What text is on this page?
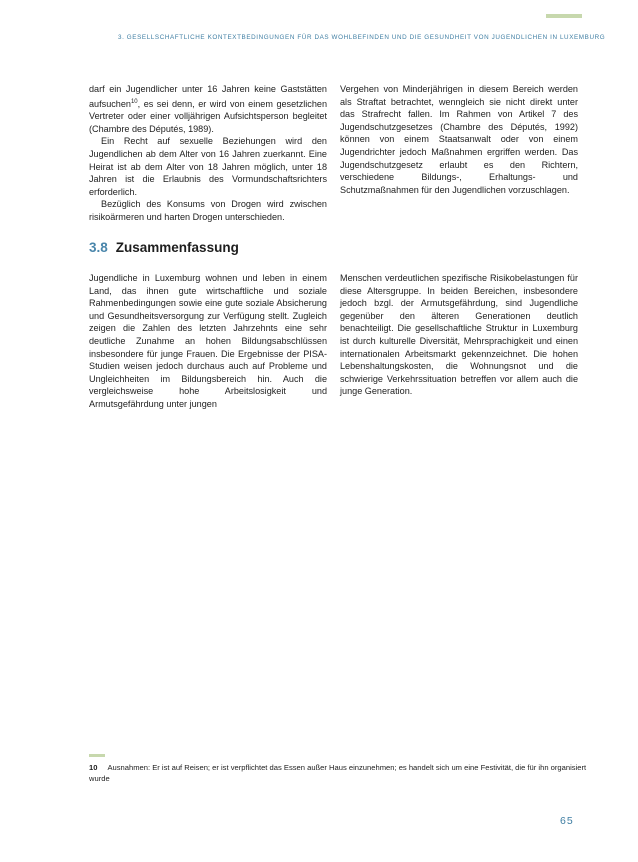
3. GESELLSCHAFTLICHE KONTEXTBEDINGUNGEN FÜR DAS WOHLBEFINDEN UND DIE GESUNDHEIT VON JUGENDLICHEN IN LUXEMBURG

darf ein Jugendlicher unter 16 Jahren keine Gaststätten aufsuchen$^{10}$, es sei denn, er wird von einem gesetzlichen Vertreter oder einer volljährigen Aufsichtsperson begleitet (Chambre des Députés, 1989).

Ein Recht auf sexuelle Beziehungen wird den Jugendlichen ab dem Alter von 16 Jahren zuerkannt. Eine Heirat ist ab dem Alter von 18 Jahren möglich, unter 18 Jahren ist die Erlaubnis des Vormundschaftsrichters erforderlich.

Bezüglich des Konsums von Drogen wird zwischen risikoärmeren und harten Drogen unterschieden.

Vergehen von Minderjährigen in diesem Bereich werden als Straftat betrachtet, wenngleich sie nicht direkt unter das Strafrecht fallen. Im Rahmen von Artikel 7 des Jugendschutzgesetzes (Chambre des Députés, 1992) können von einem Staatsanwalt oder von einem Jugendrichter jedoch Maßnahmen ergriffen werden. Das Jugendschutzgesetz erlaubt es den Richtern, verschiedene Bildungs-, Erhaltungs- und Schutzmaßnahmen für den Jugendlichen vorzuschlagen.

3.8 Zusammenfassung

Jugendliche in Luxemburg wohnen und leben in einem Land, das ihnen gute wirtschaftliche und soziale Rahmenbedingungen sowie eine gute soziale Absicherung und Gesundheitsversorgung zur Verfügung stellt. Zugleich zeigen die Zahlen des letzten Jahrzehnts eine sehr deutliche Zunahme an hohen Bildungsabschlüssen insbesondere für junge Frauen. Die Ergebnisse der PISA-Studien weisen jedoch durchaus auch auf Probleme und Ungleichheiten im Bildungsbereich hin. Auch die vergleichsweise hohe Arbeitslosigkeit und Armutsgefährdung unter jungen

Menschen verdeutlichen spezifische Risikobelastungen für diese Altersgruppe. In beiden Bereichen, insbesondere jedoch bzgl. der Armutsgefährdung, sind Jugendliche gegenüber den älteren Generationen deutlich benachteiligt. Die gesellschaftliche Struktur in Luxemburg ist durch kulturelle Diversität, Mehrsprachigkeit und einen internationalen Arbeitsmarkt gekennzeichnet. Die hohen Lebenshaltungskosten, die Wohnungsnot und die schwierige Verkehrssituation betreffen vor allem auch die junge Generation.

10 Ausnahmen: Er ist auf Reisen; er ist verpflichtet das Essen außer Haus einzunehmen; es handelt sich um eine Festivität, die für ihn organisiert wurde
65
